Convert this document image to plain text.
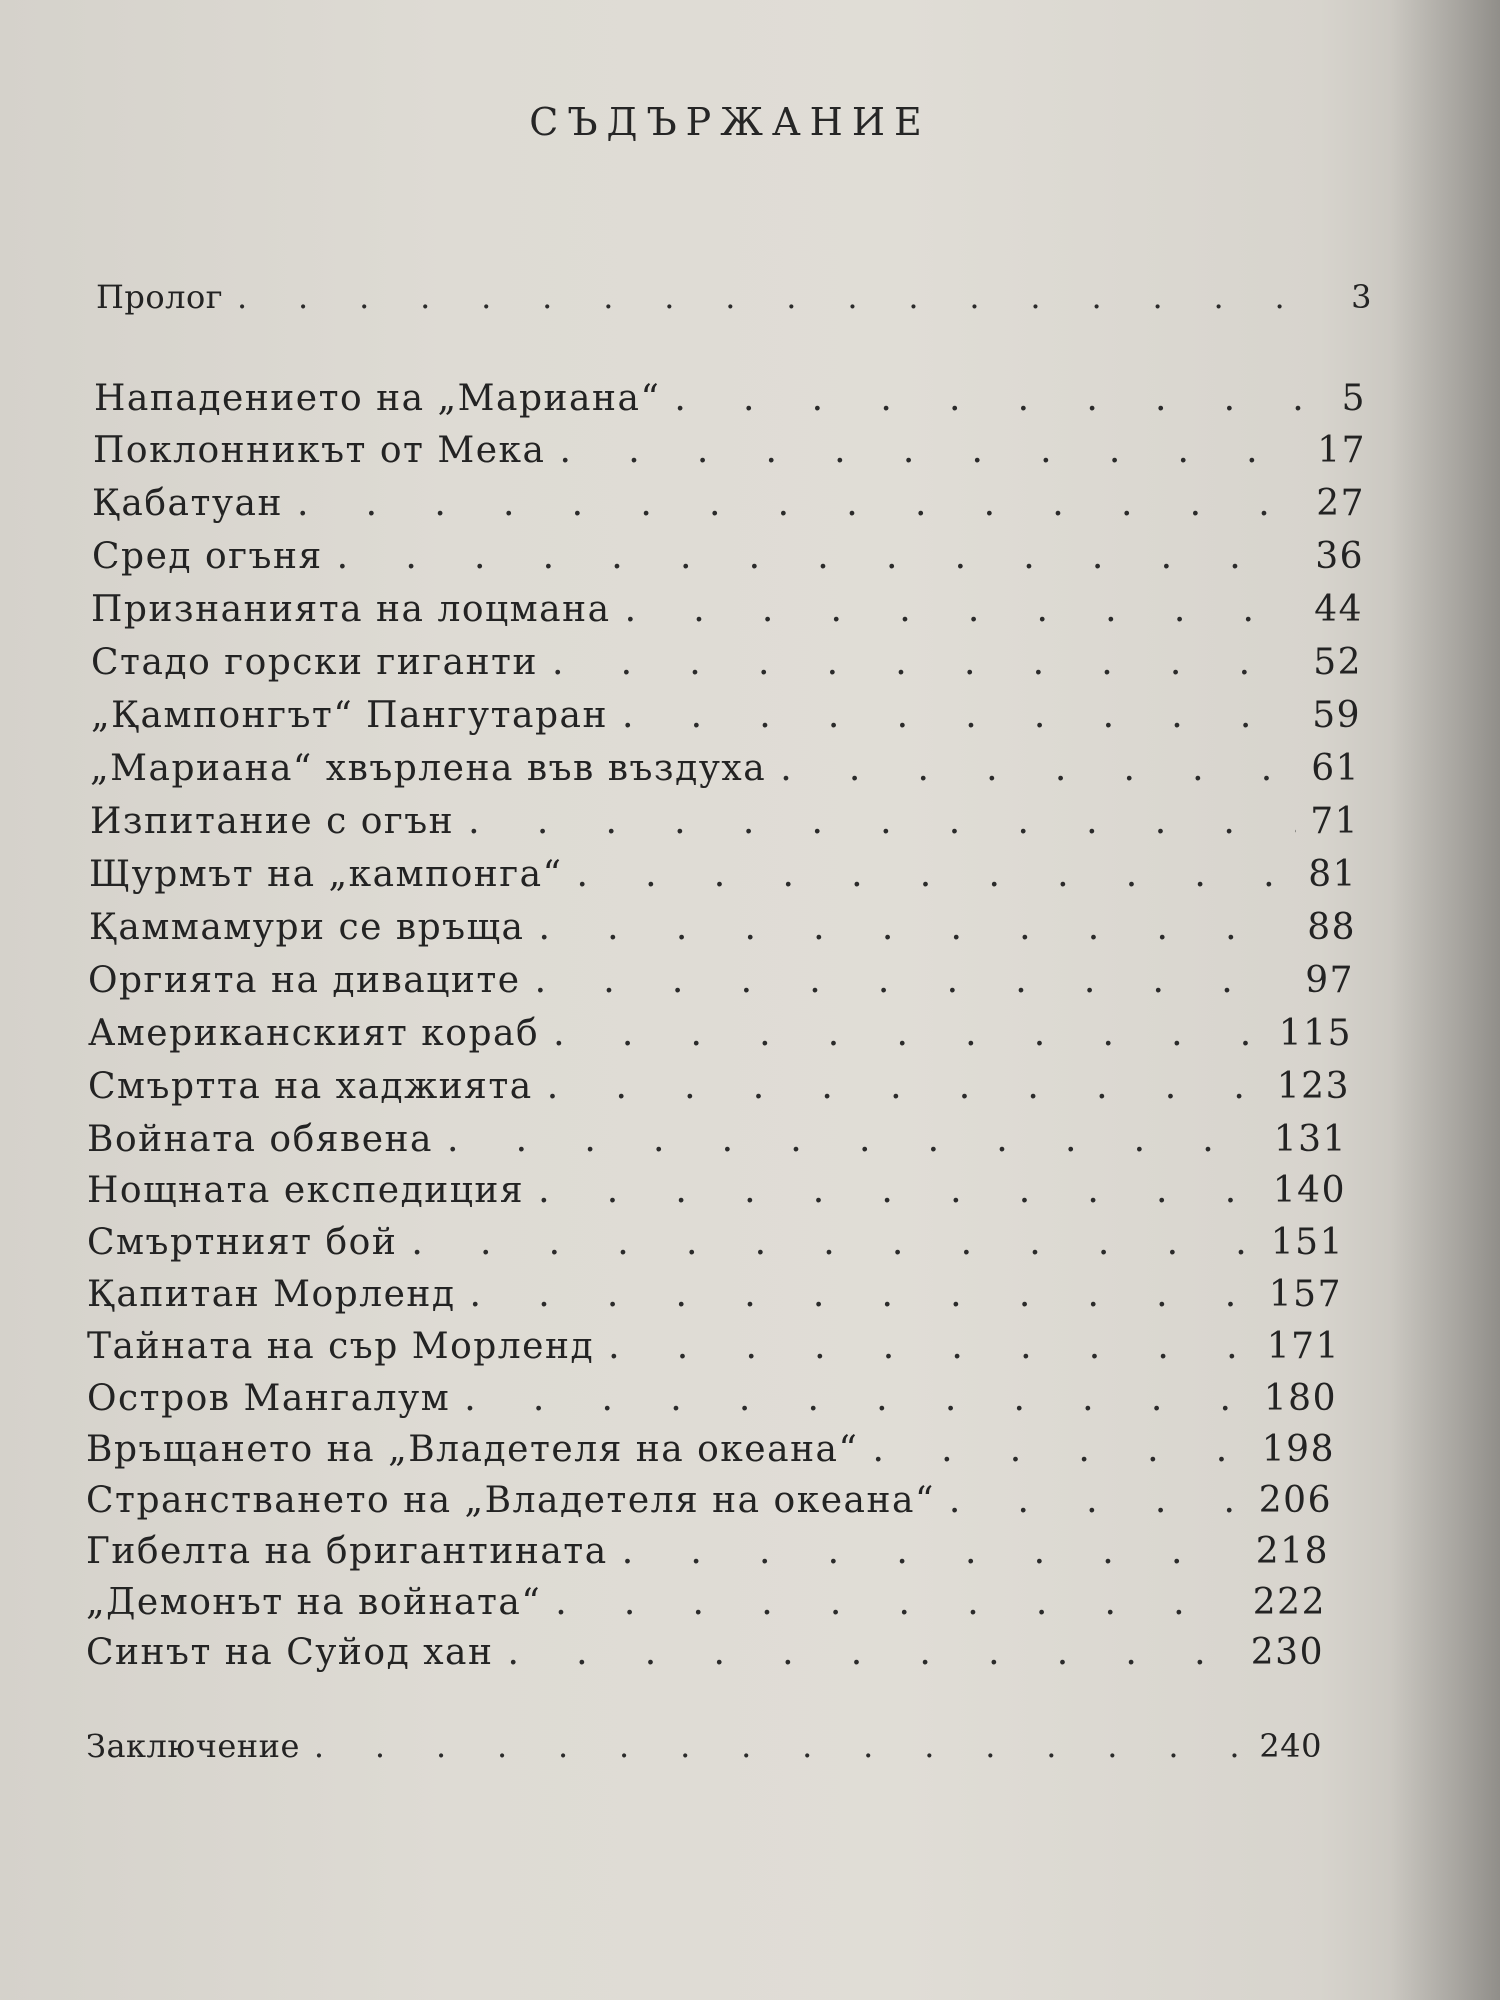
СЪДЪРЖАНИЕ
Пролог .	3
Нападението на „Мариана“ .	5
Поклонникът от Мека .	17
Қабатуан .	27
Сред огъня .	36
Признанията на лоцмана .	44
Стадо горски гиганти .	52
„Қампонгът“ Пангутаран .	59
„Мариана“ хвърлена във въздуха .	61
Изпитание с огън .	71
Щурмът на „кампонга“ .	81
Қаммамури се връща .	88
Оргията на диваците .	97
Американският кораб .	115
Смъртта на хаджията .	123
Войната обявена .	131
Нощната експедиция .	140
Смъртният бой .	151
Қапитан Морленд .	157
Тайната на сър Морленд .	171
Остров Мангалум .	180
Връщането на „Владетеля на океана“ .	198
Странстването на „Владетеля на океана“ .	206
Гибелта на бригантината .	218
„Демонът на войната“ .	222
Синът на Суйод хан .	230
Заключение .	240
